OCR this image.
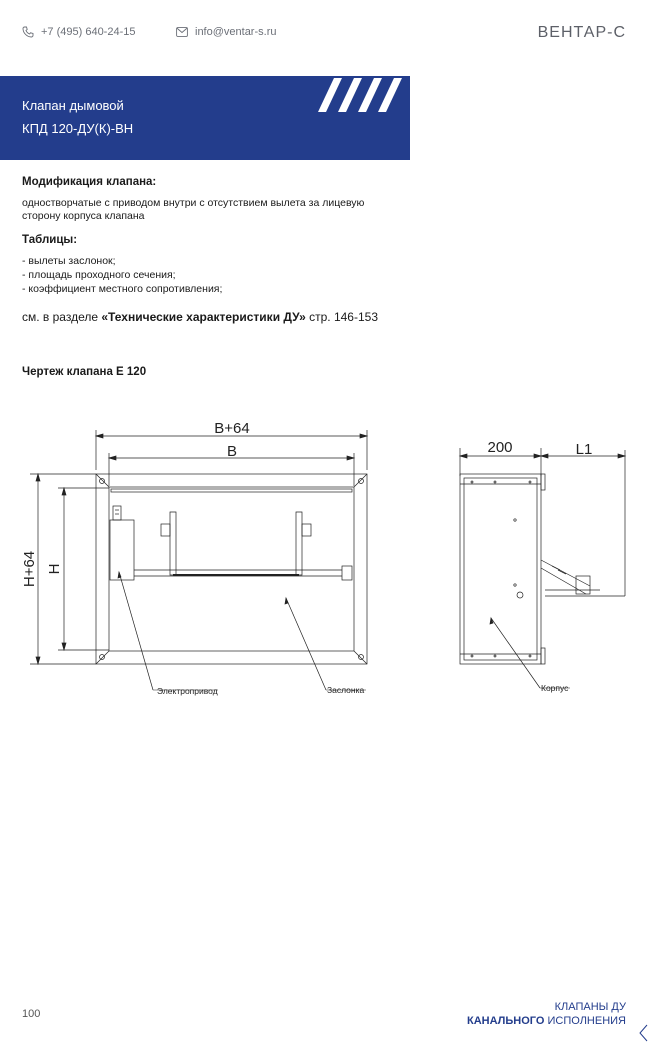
+7 (495) 640-24-15	info@ventar-s.ru	ВЕНТАР-С
Клапан дымовой
КПД 120-ДУ(К)-ВН
Модификация клапана:
одностворчатые с приводом внутри с отсутствием вылета за лицевую сторону корпуса клапана
Таблицы:
- вылеты заслонок;
- площадь проходного сечения;
- коэффициент местного сопротивления;
см. в разделе «Технические характеристики ДУ» стр. 146-153
Чертеж клапана Е 120
B+64
B
H+64 H
200	L1
Электропривод	Заслонка	Корпус
100
КЛАПАНЫ ДУ
КАНАЛЬНОГО ИСПОЛНЕНИЯ
